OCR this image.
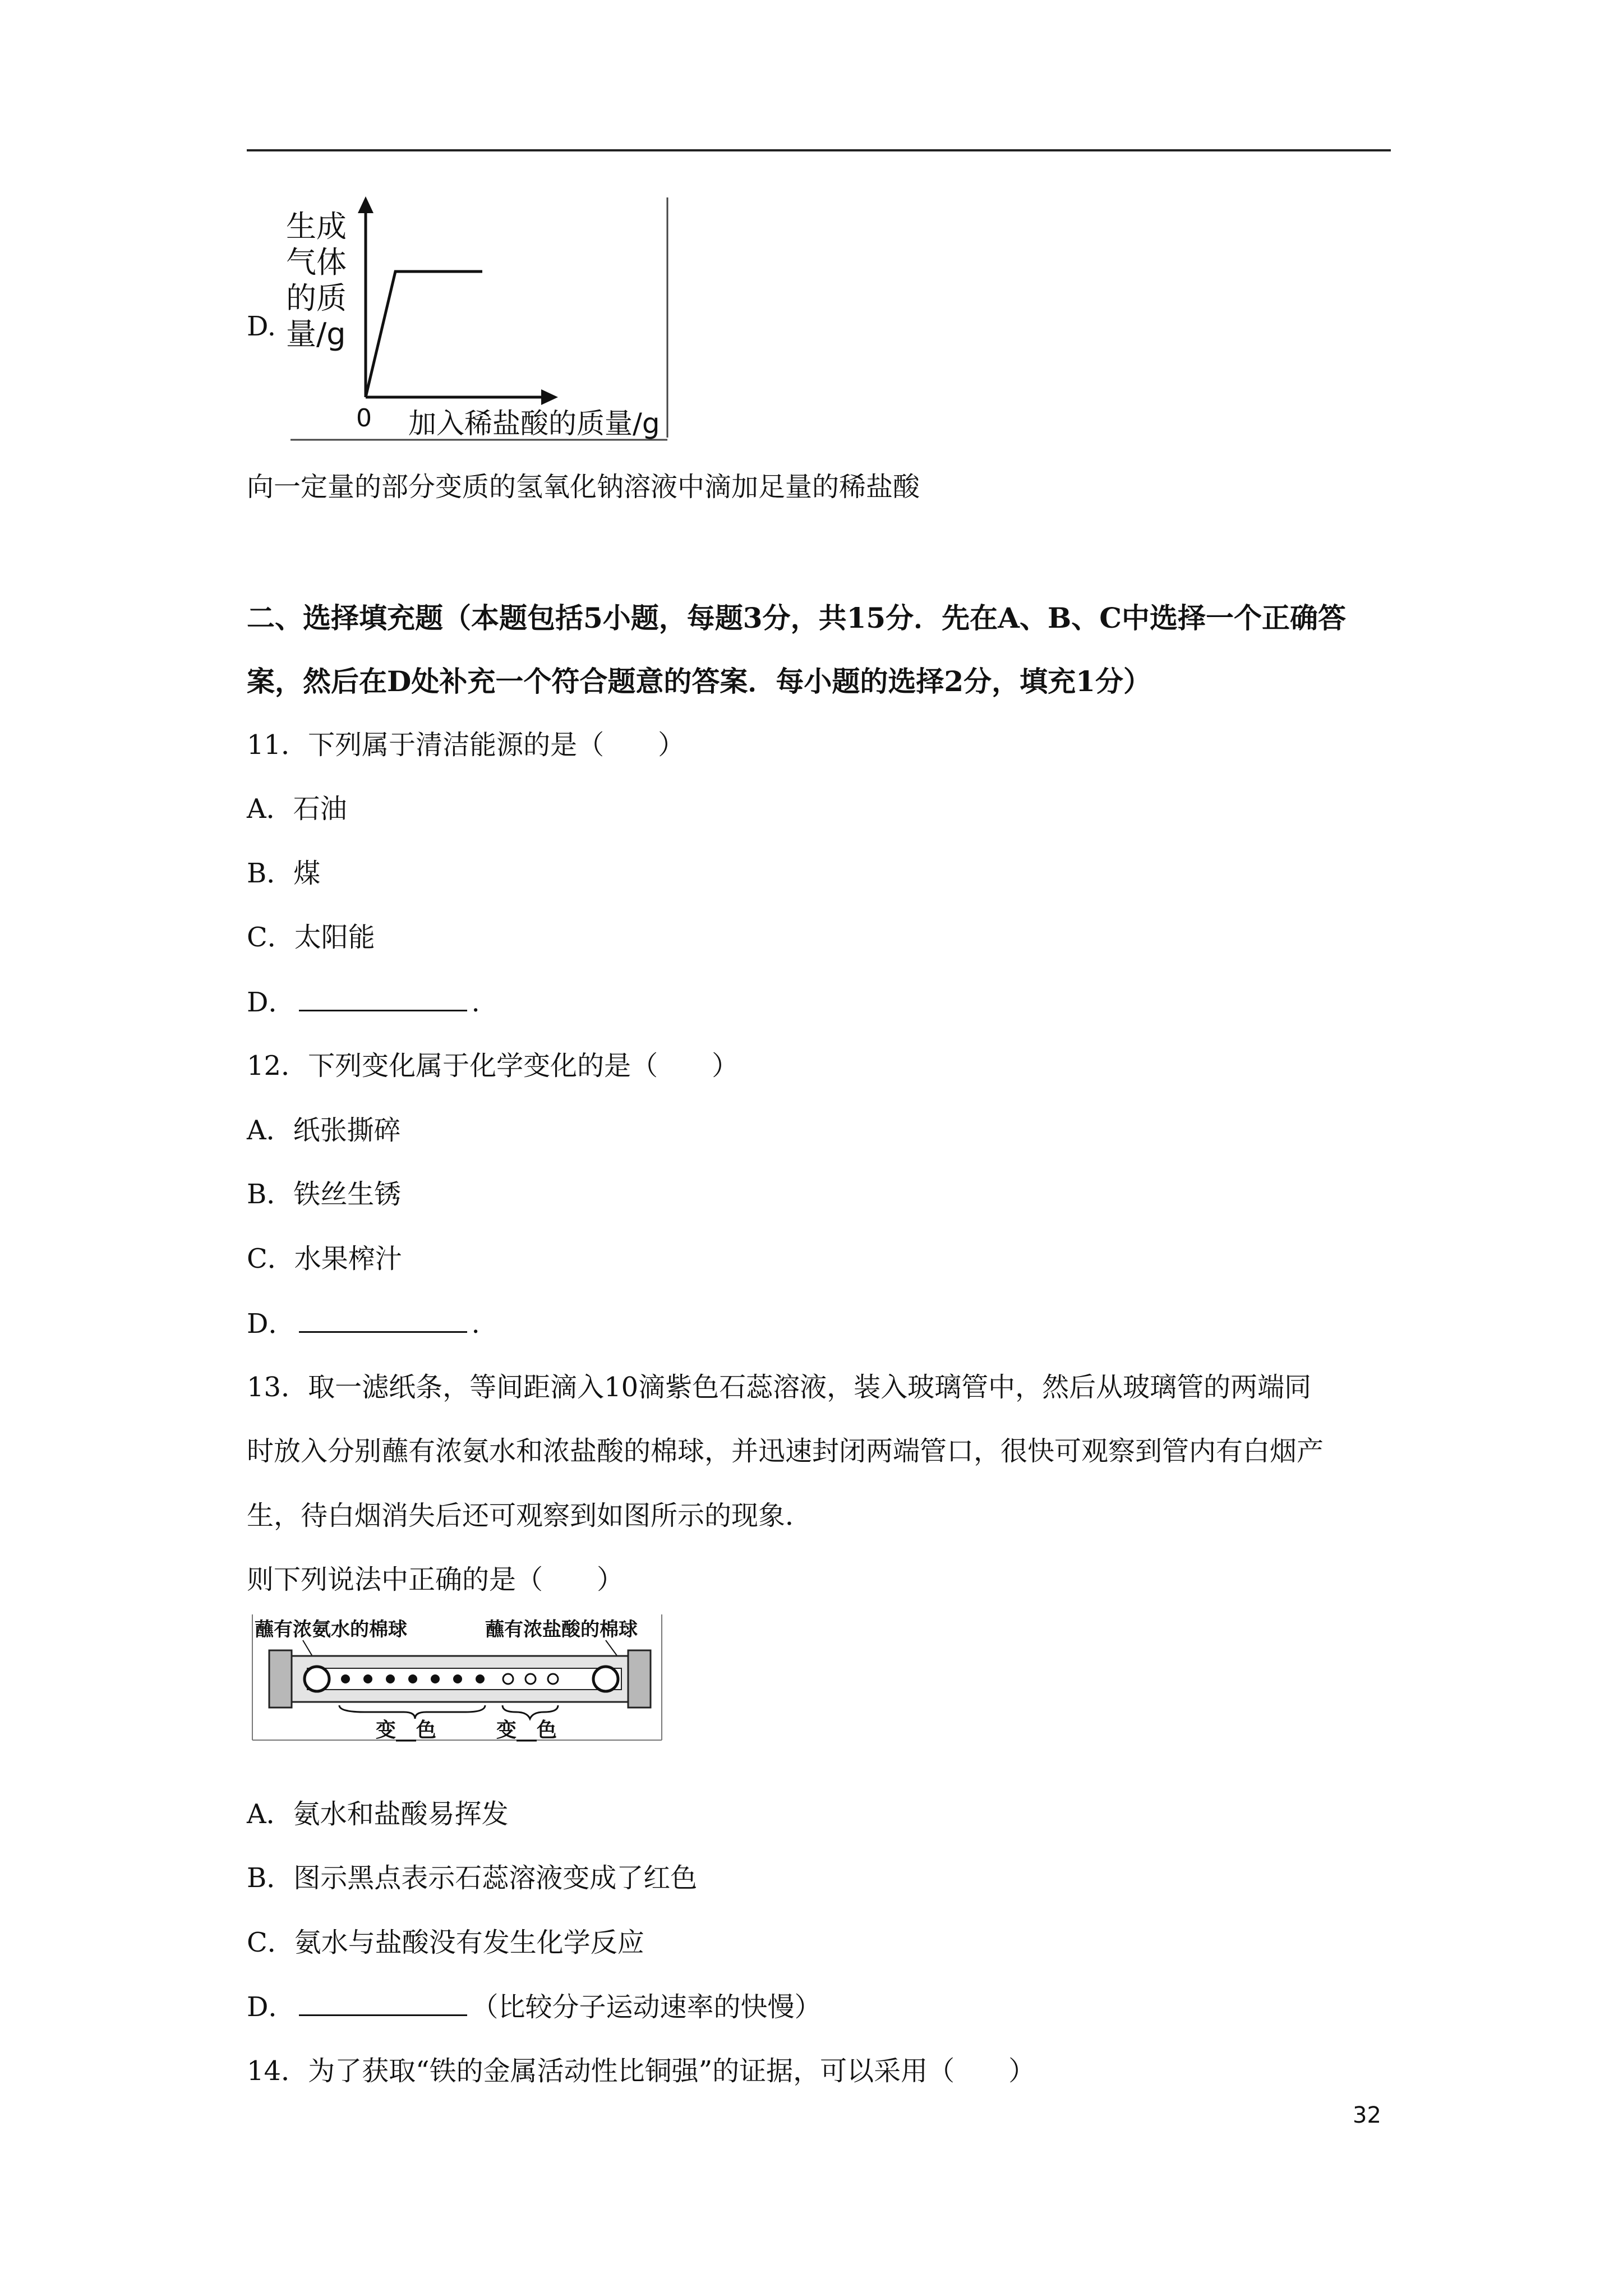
D.
生成
气体
的质
量/g
0 加入稀盐酸的质量/g
向一定量的部分变质的氢氧化钠溶液中滴加足量的稀盐酸
二、选择填充题（本题包括5小题，每题3分，共15分．先在A、B、C中选择一个正确答
案，然后在D处补充一个符合题意的答案．每小题的选择2分，填充1分）
11．下列属于清洁能源的是（　　）
A．石油
B．煤
C．太阳能
D．	.
12．下列变化属于化学变化的是（　　）
A．纸张撕碎
B．铁丝生锈
C．水果榨汁
D．	.
13．取一滤纸条，等间距滴入10滴紫色石蕊溶液，装入玻璃管中，然后从玻璃管的两端同
时放入分别蘸有浓氨水和浓盐酸的棉球，并迅速封闭两端管口，很快可观察到管内有白烟产
生，待白烟消失后还可观察到如图所示的现象．
则下列说法中正确的是（　　）
蘸有浓氨水的棉球	蘸有浓盐酸的棉球
变__色	变__色
A．氨水和盐酸易挥发
B．图示黑点表示石蕊溶液变成了红色
C．氨水与盐酸没有发生化学反应
D．	（比较分子运动速率的快慢）
14．为了获取“铁的金属活动性比铜强”的证据，可以采用（　　）
32
